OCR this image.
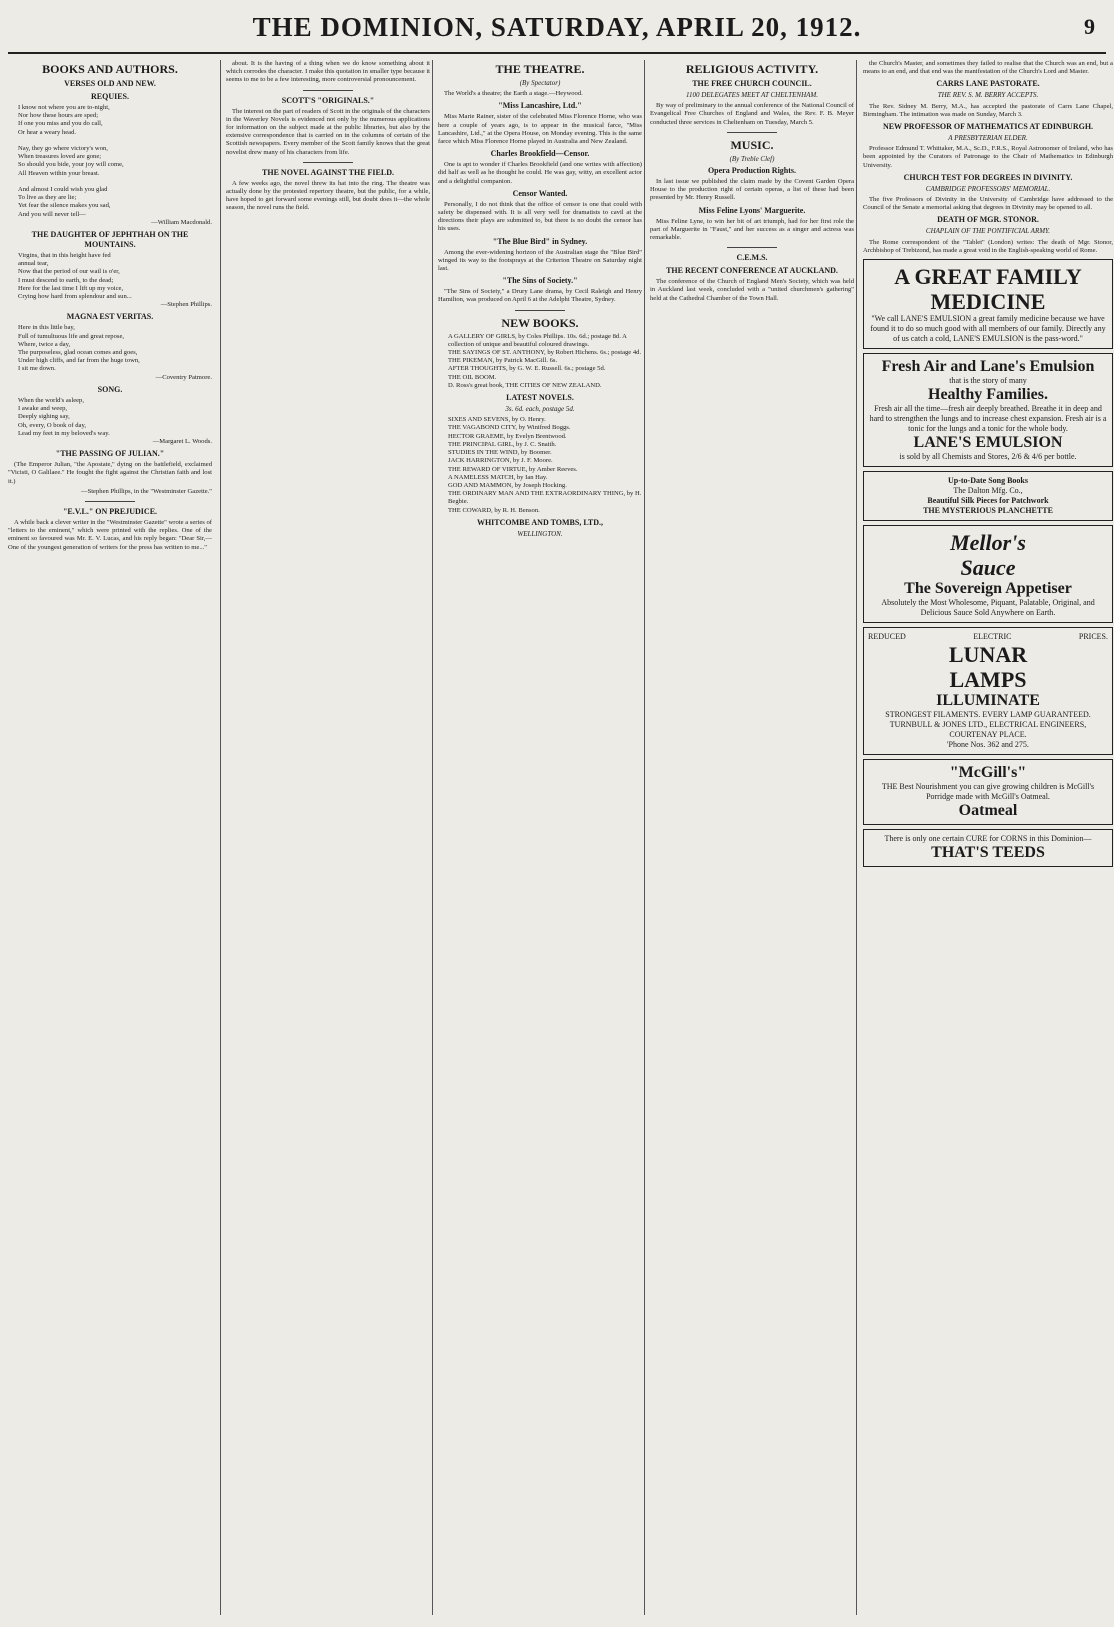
THE DOMINION, SATURDAY, APRIL 20, 1912.	9
BOOKS AND AUTHORS.
VERSES OLD AND NEW.
REQUIES.
I know not where you are to-night,
Nor how these hours are sped;
If one you miss and you do call,
Or hear a weary head.

Nay, they go where victory's won,
When treasures loved are gone;
So should you bide, your joy will come,
All Heaven within your breast.

And almost I could wish you glad
To live as they are lie;
Yet fear the silence makes you sad,
And you will never tell—
—William Macdonald.
THE DAUGHTER OF JEPHTHAH ON THE MOUNTAINS.
Virgins, that in this height have fed
annual tear,
Now that the period of our wail is o'er,
I must descend to earth, to the dead;
Here for the last time I lift up my voice,
Crying how hard from splendour and sun...
—Stephen Phillips.
MAGNA EST VERITAS.
Here in this little bay,
Full of tumultuous life and great repose,
Where, twice a day,
The purposeless, glad ocean comes and goes,
Under high cliffs, and far from the huge town,
I sit me down.
—Coventry Patmore.
SONG.
When the world's asleep,
I awake and weep,
Deeply sighing say,
Oh, every, O book of day,
Lead my feet in my beloved's way.
—Margaret L. Woods.
"THE PASSING OF JULIAN."

(The Emperor Julian, "the Apostate," dying on the battlefield, exclaimed "Vicisti, O Galilaee." He fought the fight against the Christian faith and lost it.)

—Stephen Phillips, in the "Westminster Gazette."
"E.V.L." ON PREJUDICE.

A while back a clever writer in the "Westminster Gazette" wrote a series of "letters to the eminent," which were printed with the replies. One of the eminent so favoured was Mr. E. V. Lucas, and his reply began: "Dear Sir,—One of the youngest generation of writers for the press has written to me..."

about. It is the having of a thing when we do know something about it which corrodes the character. I make this quotation in smaller type because it seems to me to be a few interesting, more controversial pronouncement.

SCOTT'S "ORIGINALS."

The interest on the part of readers of Scott in the originals of the characters in the Waverley Novels is evidenced not only by the numerous applications for information on the subject made at the public libraries, but also by the extensive correspondence that is carried on in the columns of certain of the Scottish newspapers. Every member of the Scott family knows that the great novelist drew many of his characters from life.

THE NOVEL AGAINST THE FIELD.

A few weeks ago, the novel threw its hat into the ring. The theatre was actually done by the protested repertory theatre, but the public, for a while, have hoped to get forward some evenings still, but doubt does it—the whole season, the novel runs the field.

THE THEATRE.
(By Spectator)

The World's a theatre; the Earth a stage.—Heywood.

"Miss Lancashire, Ltd."

Miss Marie Rainer, sister of the celebrated Miss Florence Horne, who was here a couple of years ago, is to appear in the musical farce, "Miss Lancashire, Ltd.," at the Opera House, on Monday evening. This is the same farce which Miss Florence Horne played in Australia and New Zealand.

Charles Brookfield—Censor.

One is apt to wonder if Charles Brookfield (and one writes with affection) did half as well as he thought he could. He was gay, witty, an excellent actor and a delightful companion.

Censor Wanted.

Personally, I do not think that the office of censor is one that could with safety be dispensed with. It is all very well for dramatists to cavil at the directions their plays are submitted to, but there is no doubt the censor has his uses.

"The Blue Bird" in Sydney.

Among the ever-widening horizon of the Australian stage the "Blue Bird" winged its way to the footsprays at the Criterion Theatre on Saturday night last.

"The Sins of Society."

"The Sins of Society," a Drury Lane drama, by Cecil Raleigh and Henry Hamilton, was produced on April 6 at the Adelphi Theatre, Sydney.

NEW BOOKS.
A GALLERY OF GIRLS, by Coles Phillips. 10s. 6d.; postage 8d. A collection of unique and beautiful coloured drawings.
THE SAYINGS OF ST. ANTHONY, by Robert Hichens. 6s.; postage 4d.
THE PIKEMAN, by Patrick MacGill. 6s.
AFTER THOUGHTS, by G. W. E. Russell. 6s.; postage 5d.
THE OIL BOOM.
D. Ross's great book, THE CITIES OF NEW ZEALAND.
LATEST NOVELS.
3s. 6d. each, postage 5d.
SIXES AND SEVENS, by O. Henry.
THE VAGABOND CITY, by Winifred Boggs.
HECTOR GRAEME, by Evelyn Brentwood.
THE PRINCIPAL GIRL, by J. C. Snaith.
STUDIES IN THE WIND, by Boomer.
JACK HARRINGTON, by J. F. Moore.
THE REWARD OF VIRTUE, by Amber Reeves.
A NAMELESS MATCH, by Ian Hay.
GOD AND MAMMON, by Joseph Hocking.
THE ORDINARY MAN AND THE EXTRAORDINARY THING, by H. Begbie.
THE COWARD, by R. H. Benson.
WHITCOMBE AND TOMBS, LTD.,
WELLINGTON.
RELIGIOUS ACTIVITY.
THE FREE CHURCH COUNCIL.
1100 DELEGATES MEET AT CHELTENHAM.

By way of preliminary to the annual conference of the National Council of Evangelical Free Churches of England and Wales, the Rev. F. B. Meyer conducted three services in Cheltenham on Tuesday, March 5.

MUSIC.
(By Treble Clef)
Opera Production Rights.

In last issue we published the claim made by the Covent Garden Opera House to the production right of certain operas, a list of these had been presented by Mr. Henry Russell.

Miss Feline Lyons' Marguerite.

Miss Feline Lyne, to win her bit of art triumph, had for her first role the part of Marguerite in "Faust," and her success as a singer and actress was remarkable.

C.E.M.S.
THE RECENT CONFERENCE AT AUCKLAND.

The conference of the Church of England Men's Society, which was held in Auckland last week, concluded with a "united churchmen's gathering" held at the Cathedral Chamber of the Town Hall.

the Church's Master, and sometimes they failed to realise that the Church was an end, but a means to an end, and that end was the manifestation of the Church's Lord and Master.

CARRS LANE PASTORATE.
THE REV. S. M. BERRY ACCEPTS.

The Rev. Sidney M. Berry, M.A., has accepted the pastorate of Carrs Lane Chapel, Birmingham. The intimation was made on Sunday, March 3.

NEW PROFESSOR OF MATHEMATICS AT EDINBURGH.
A PRESBYTERIAN ELDER.

Professor Edmund T. Whittaker, M.A., Sc.D., F.R.S., Royal Astronomer of Ireland, who has been appointed by the Curators of Patronage to the Chair of Mathematics in Edinburgh University.

CHURCH TEST FOR DEGREES IN DIVINITY.
CAMBRIDGE PROFESSORS' MEMORIAL.

The five Professors of Divinity in the University of Cambridge have addressed to the Council of the Senate a memorial asking that degrees in Divinity may be opened to all.

DEATH OF MGR. STONOR.
CHAPLAIN OF THE PONTIFICIAL ARMY.

The Rome correspondent of the "Tablet" (London) writes: The death of Mgr. Stonor, Archbishop of Trebizond, has made a great void in the English-speaking world of Rome.

A GREAT FAMILY
MEDICINE
"We call LANE'S EMULSION a great family medicine because we have found it to do so much good with all members of our family. Directly any of us catch a cold, LANE'S EMULSION is the pass-word."
Fresh Air and Lane's Emulsion
that is the story of many
Healthy Families.
Fresh air all the time—fresh air deeply breathed. Breathe it in deep and hard to strengthen the lungs and to increase chest expansion. Fresh air is a tonic for the lungs and a tonic for the whole body.
LANE'S EMULSION
is sold by all Chemists and Stores, 2/6 & 4/6 per bottle.
Up-to-Date Song Books
The Dalton Mfg. Co.,
Beautiful Silk Pieces for Patchwork
THE MYSTERIOUS PLANCHETTE
Mellor's
Sauce
The Sovereign Appetiser
Absolutely the Most Wholesome, Piquant, Palatable, Original, and Delicious Sauce Sold Anywhere on Earth.
REDUCED	ELECTRIC	PRICES.
LUNAR
LAMPS
ILLUMINATE
STRONGEST FILAMENTS. EVERY LAMP GUARANTEED. TURNBULL & JONES LTD., ELECTRICAL ENGINEERS, COURTENAY PLACE.
'Phone Nos. 362 and 275.
"McGill's"
THE Best Nourishment you can give growing children is McGill's Porridge made with McGill's Oatmeal.
Oatmeal
There is only one certain CURE for CORNS in this Dominion—
THAT'S TEEDS
